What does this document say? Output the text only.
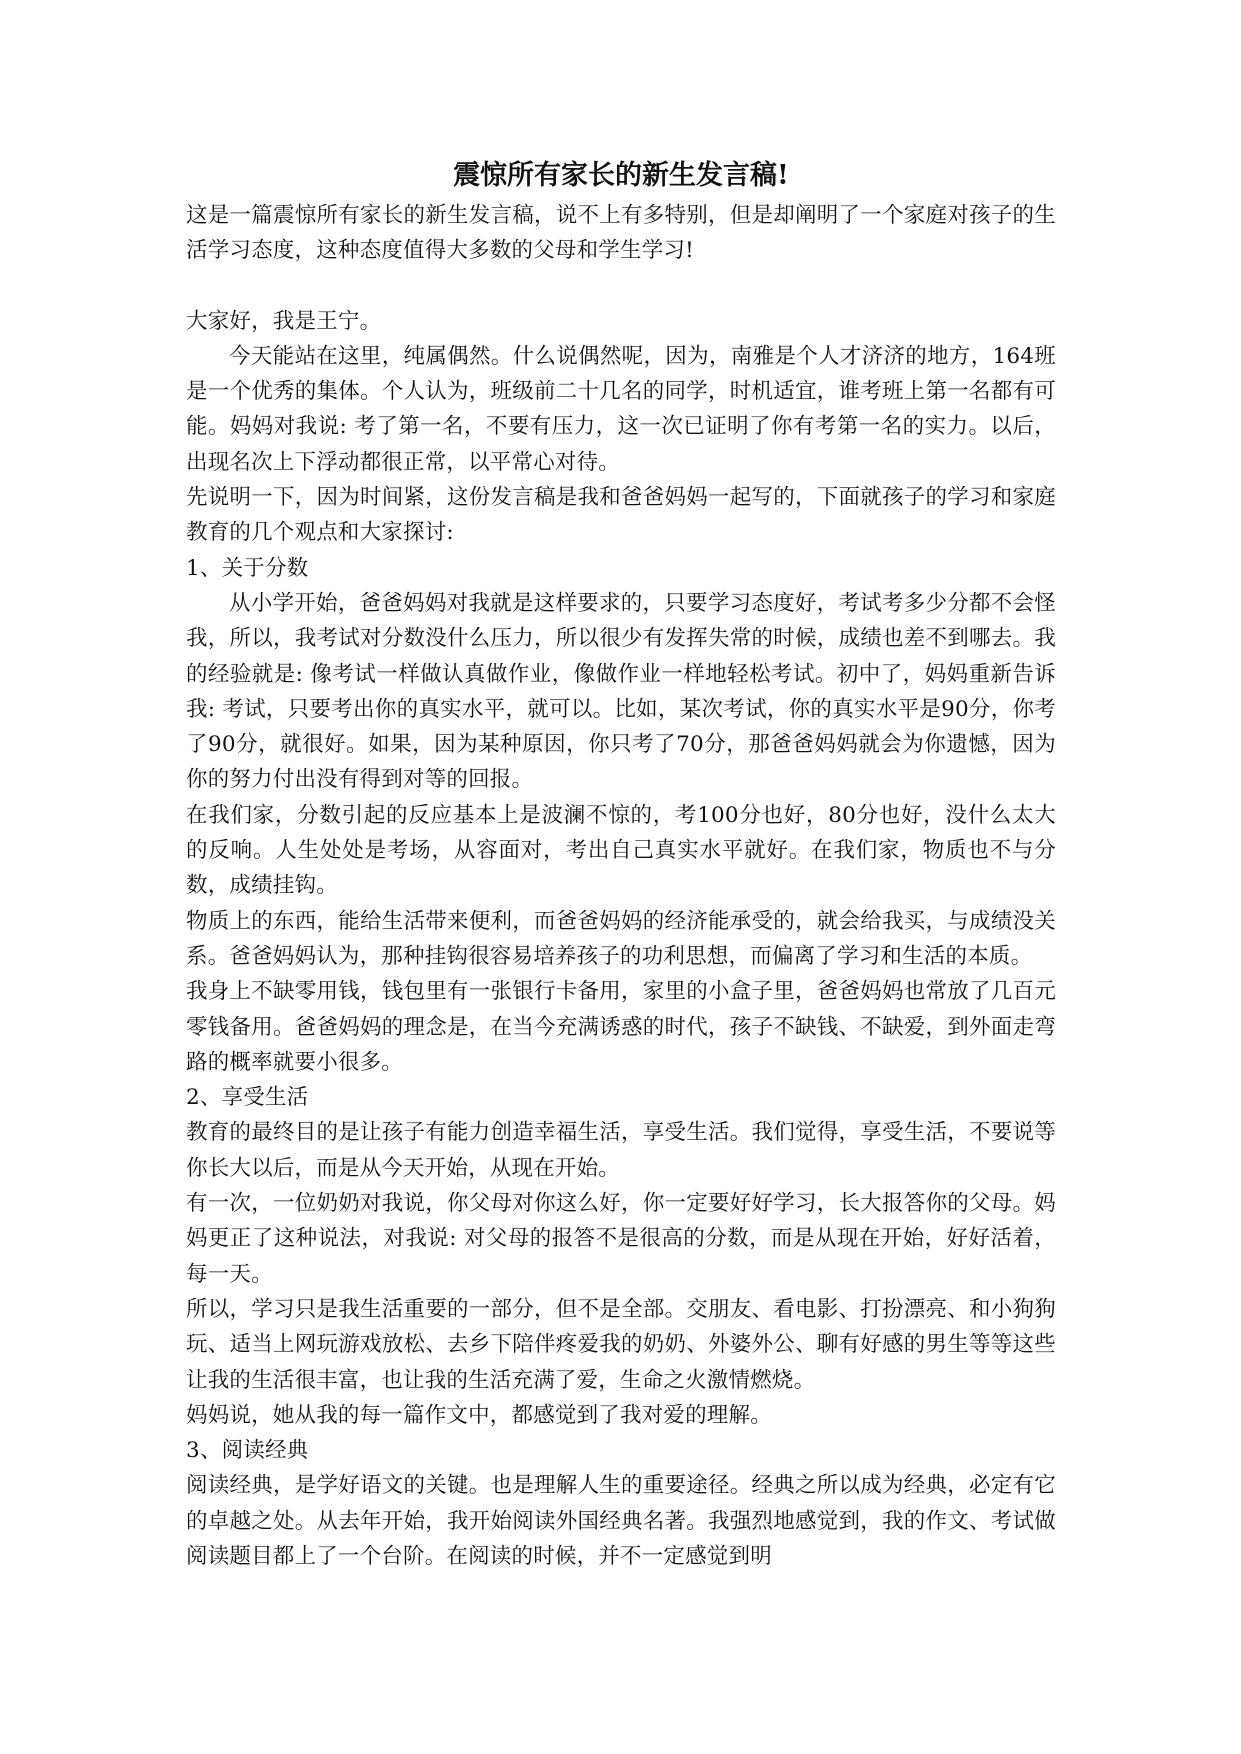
震惊所有家长的新生发言稿!

这是一篇震惊所有家长的新生发言稿，说不上有多特别，但是却阐明了一个家庭对孩子的生活学习态度，这种态度值得大多数的父母和学生学习!

大家好，我是王宁。

今天能站在这里，纯属偶然。什么说偶然呢，因为，南雅是个人才济济的地方，164班是一个优秀的集体。个人认为，班级前二十几名的同学，时机适宜，谁考班上第一名都有可能。妈妈对我说: 考了第一名，不要有压力，这一次已证明了你有考第一名的实力。以后，出现名次上下浮动都很正常，以平常心对待。

先说明一下，因为时间紧，这份发言稿是我和爸爸妈妈一起写的，下面就孩子的学习和家庭教育的几个观点和大家探讨:

1、关于分数

从小学开始，爸爸妈妈对我就是这样要求的，只要学习态度好，考试考多少分都不会怪我，所以，我考试对分数没什么压力，所以很少有发挥失常的时候，成绩也差不到哪去。我的经验就是: 像考试一样做认真做作业，像做作业一样地轻松考试。初中了，妈妈重新告诉我: 考试，只要考出你的真实水平，就可以。比如，某次考试，你的真实水平是90分，你考了90分，就很好。如果，因为某种原因，你只考了70分，那爸爸妈妈就会为你遗憾，因为你的努力付出没有得到对等的回报。

在我们家，分数引起的反应基本上是波澜不惊的，考100分也好，80分也好，没什么太大的反响。人生处处是考场，从容面对，考出自己真实水平就好。在我们家，物质也不与分数，成绩挂钩。

物质上的东西，能给生活带来便利，而爸爸妈妈的经济能承受的，就会给我买，与成绩没关系。爸爸妈妈认为，那种挂钩很容易培养孩子的功利思想，而偏离了学习和生活的本质。

我身上不缺零用钱，钱包里有一张银行卡备用，家里的小盒子里，爸爸妈妈也常放了几百元零钱备用。爸爸妈妈的理念是，在当今充满诱惑的时代，孩子不缺钱、不缺爱，到外面走弯路的概率就要小很多。

2、享受生活

教育的最终目的是让孩子有能力创造幸福生活，享受生活。我们觉得，享受生活，不要说等你长大以后，而是从今天开始，从现在开始。

有一次，一位奶奶对我说，你父母对你这么好，你一定要好好学习，长大报答你的父母。妈妈更正了这种说法，对我说: 对父母的报答不是很高的分数，而是从现在开始，好好活着，每一天。

所以，学习只是我生活重要的一部分，但不是全部。交朋友、看电影、打扮漂亮、和小狗狗玩、适当上网玩游戏放松、去乡下陪伴疼爱我的奶奶、外婆外公、聊有好感的男生等等这些让我的生活很丰富，也让我的生活充满了爱，生命之火激情燃烧。

妈妈说，她从我的每一篇作文中，都感觉到了我对爱的理解。

3、阅读经典

阅读经典，是学好语文的关键。也是理解人生的重要途径。经典之所以成为经典，必定有它的卓越之处。从去年开始，我开始阅读外国经典名著。我强烈地感觉到，我的作文、考试做阅读题目都上了一个台阶。在阅读的时候，并不一定感觉到明
